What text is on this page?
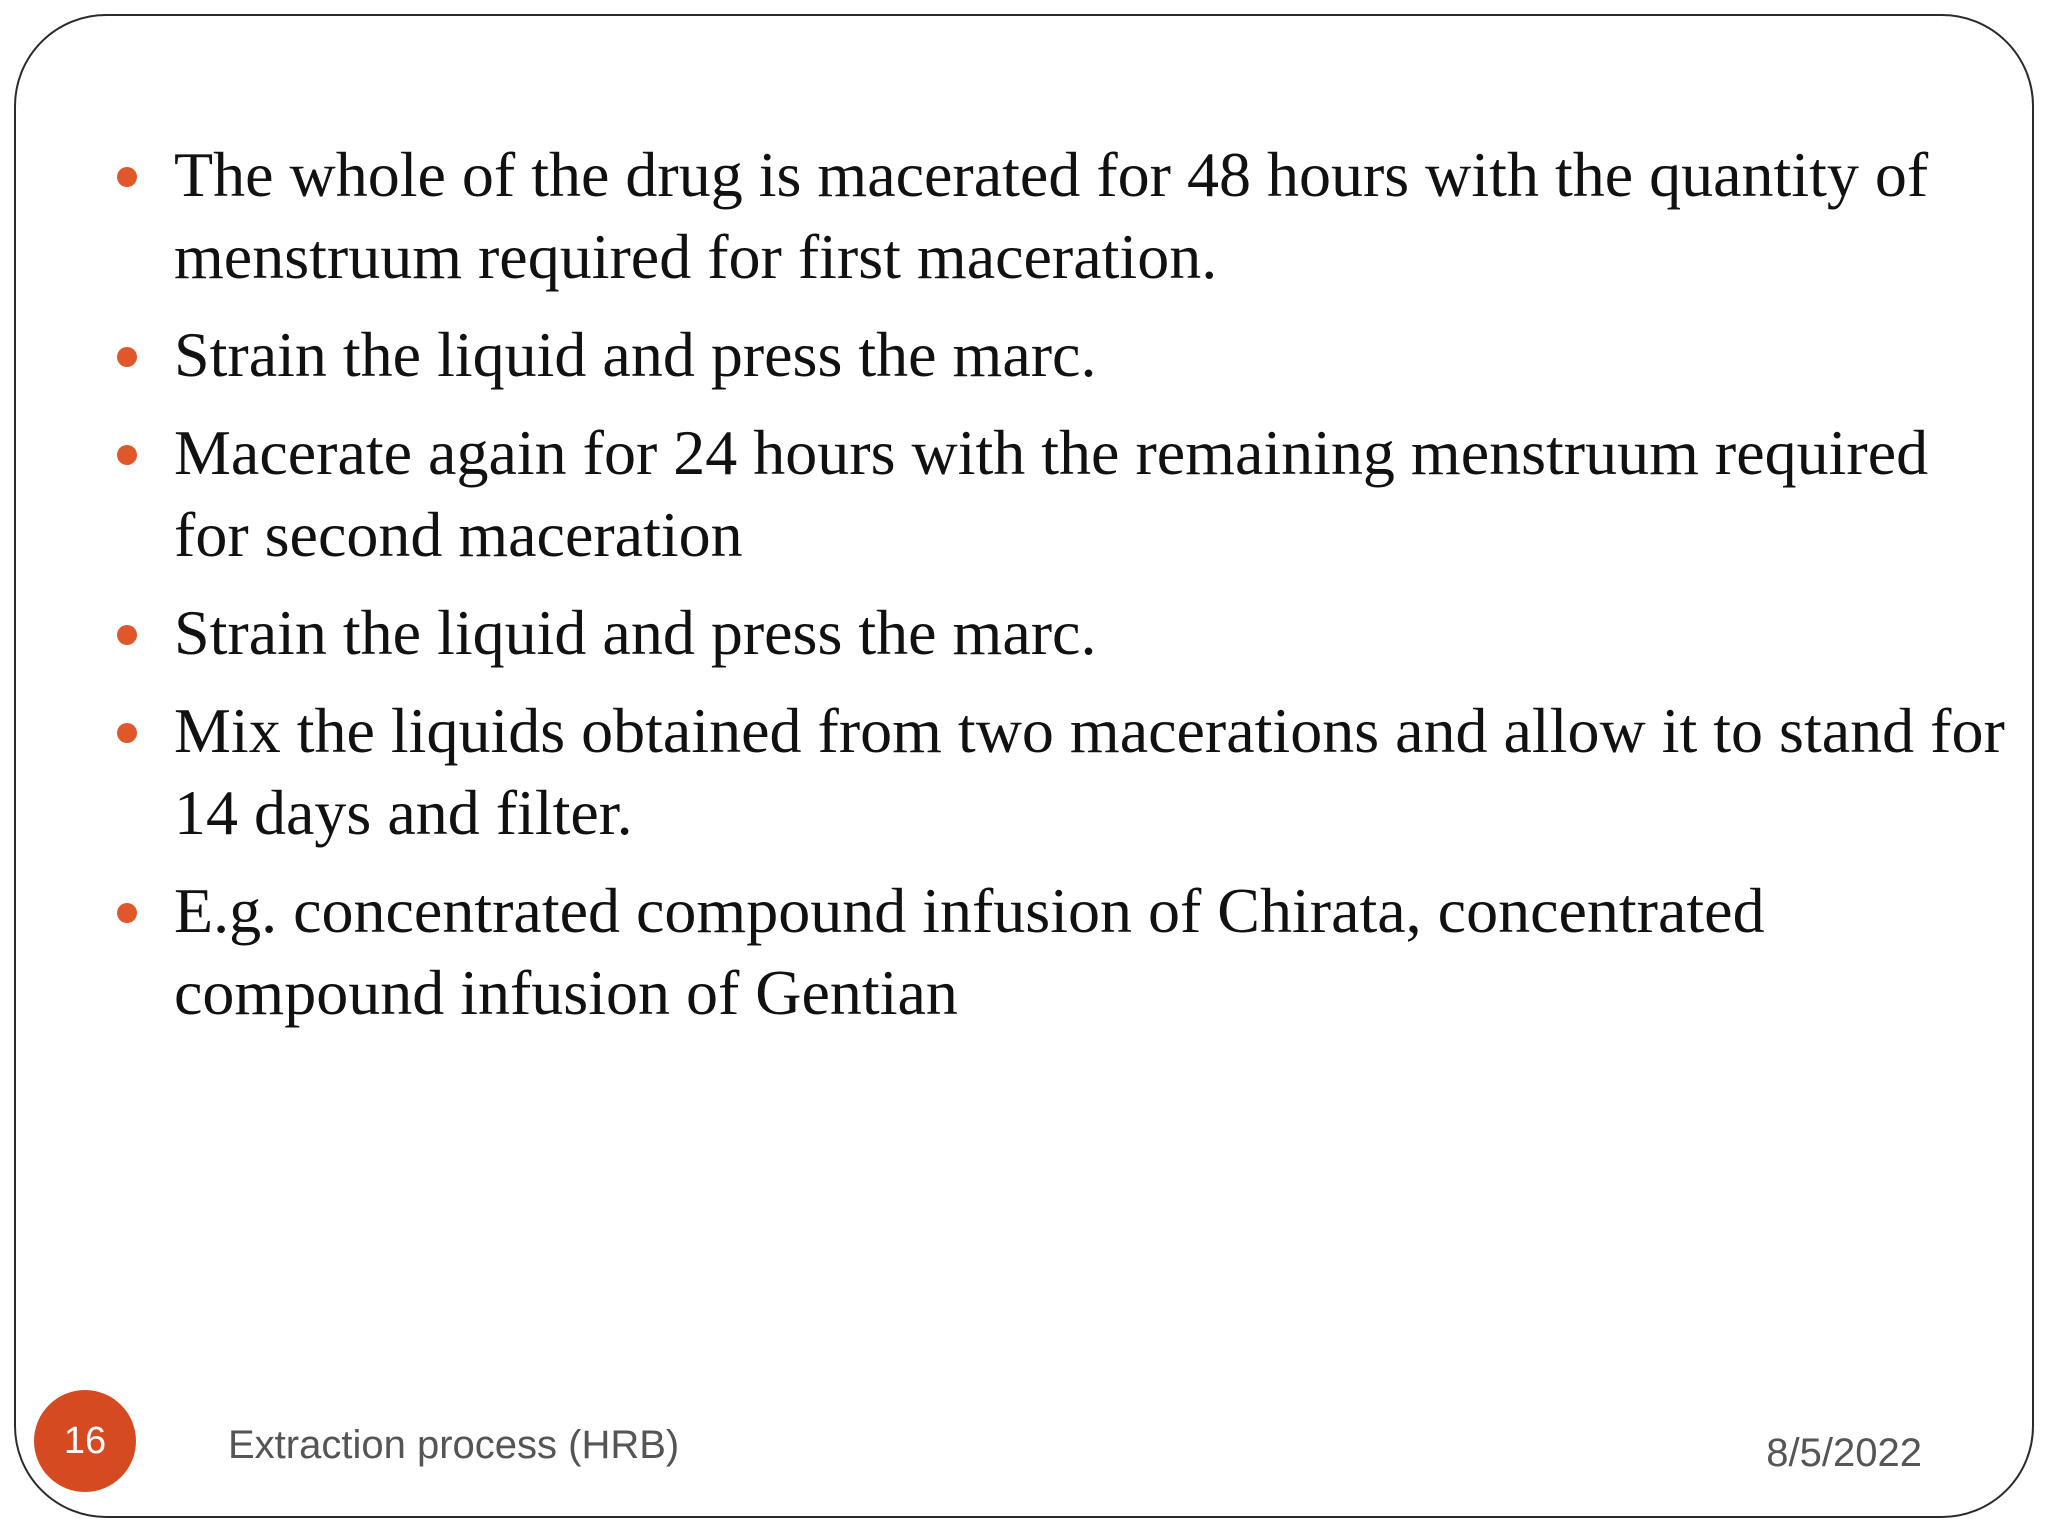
The whole of the drug is macerated for 48 hours with the quantity of menstruum required for first maceration.
Strain the liquid and press the marc.
Macerate again for 24 hours with the remaining menstruum required for second maceration
Strain the liquid and press the marc.
Mix the liquids obtained from two macerations and allow it to stand for 14 days and filter.
E.g. concentrated compound infusion of Chirata, concentrated compound infusion of Gentian
16	Extraction process (HRB)	8/5/2022
